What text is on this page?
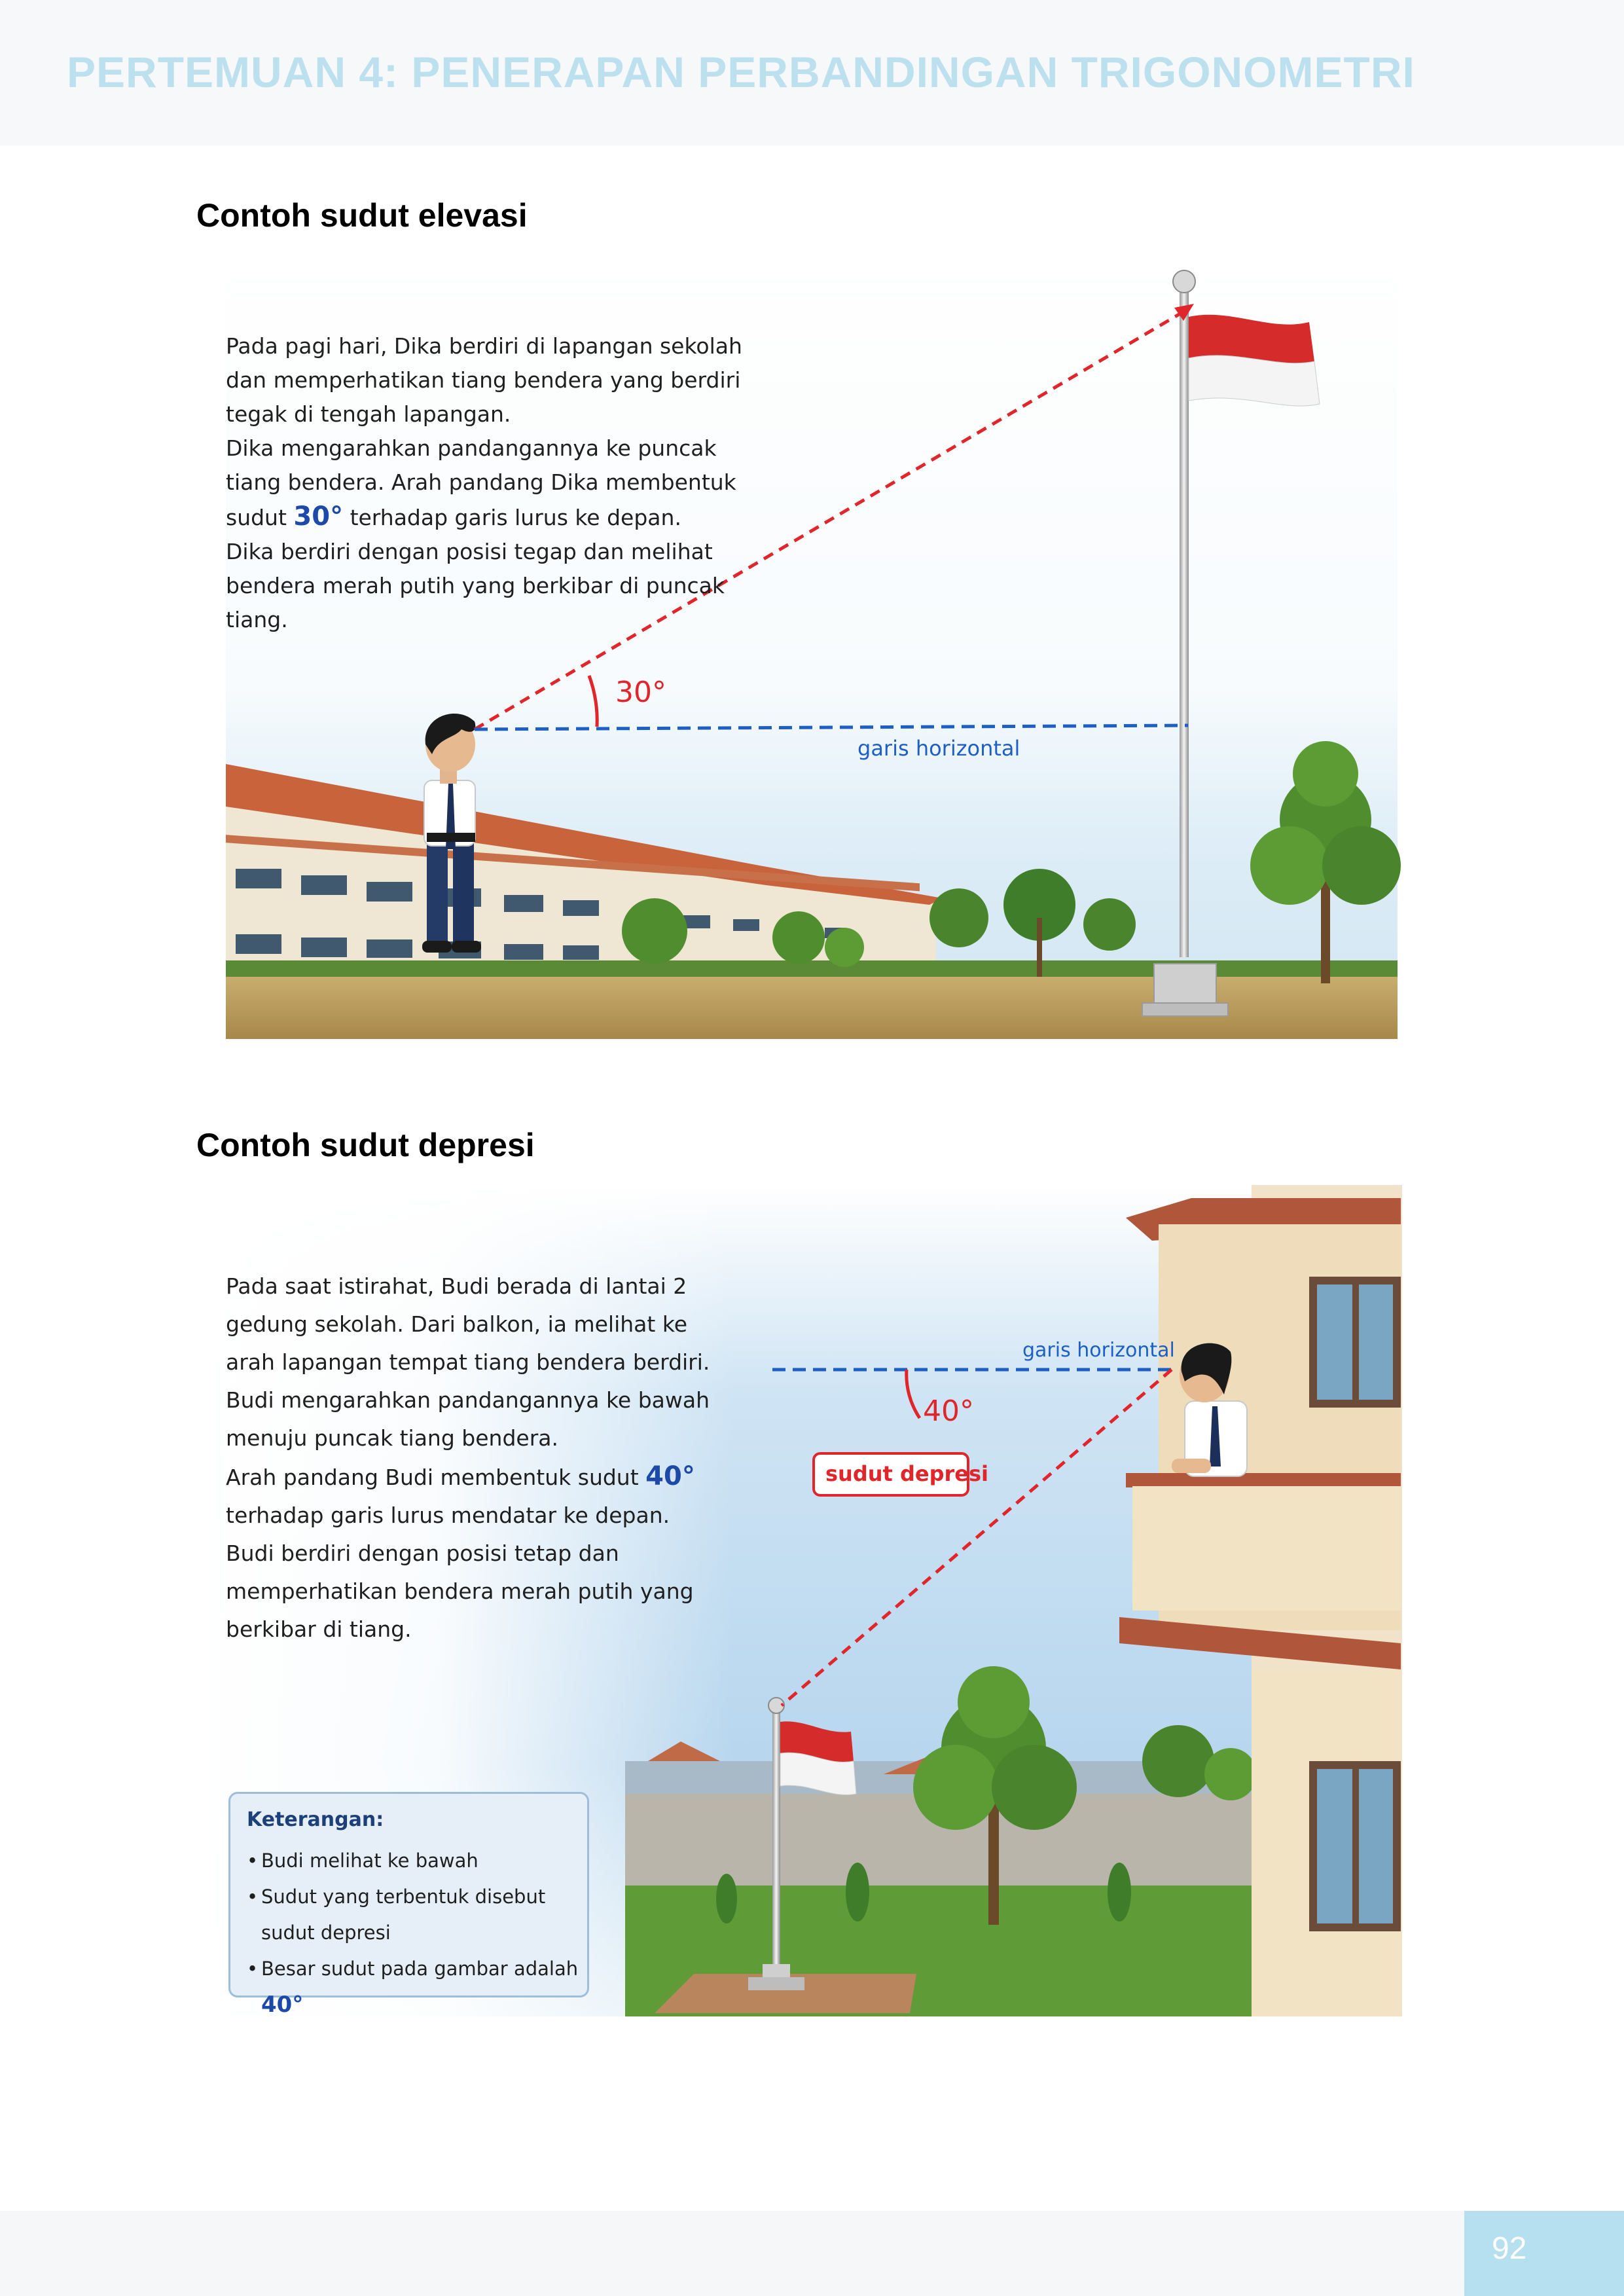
PERTEMUAN 4: PENERAPAN PERBANDINGAN TRIGONOMETRI
Contoh sudut elevasi
30°
garis horizontal

Pada pagi hari, Dika berdiri di lapangan sekolah

dan memperhatikan tiang bendera yang berdiri

tegak di tengah lapangan.

Dika mengarahkan pandangannya ke puncak

tiang bendera. Arah pandang Dika membentuk

sudut 30° terhadap garis lurus ke depan.

Dika berdiri dengan posisi tegap dan melihat

bendera merah putih yang berkibar di puncak

tiang.

Contoh sudut depresi
garis horizontal
40°
sudut depresi

Pada saat istirahat, Budi berada di lantai 2

gedung sekolah. Dari balkon, ia melihat ke

arah lapangan tempat tiang bendera berdiri.

Budi mengarahkan pandangannya ke bawah

menuju puncak tiang bendera.

Arah pandang Budi membentuk sudut 40°

terhadap garis lurus mendatar ke depan.

Budi berdiri dengan posisi tetap dan

memperhatikan bendera merah putih yang

berkibar di tiang.

Keterangan:
• Budi melihat ke bawah
• Sudut yang terbentuk disebut
sudut depresi
• Besar sudut pada gambar adalah 40°
92
